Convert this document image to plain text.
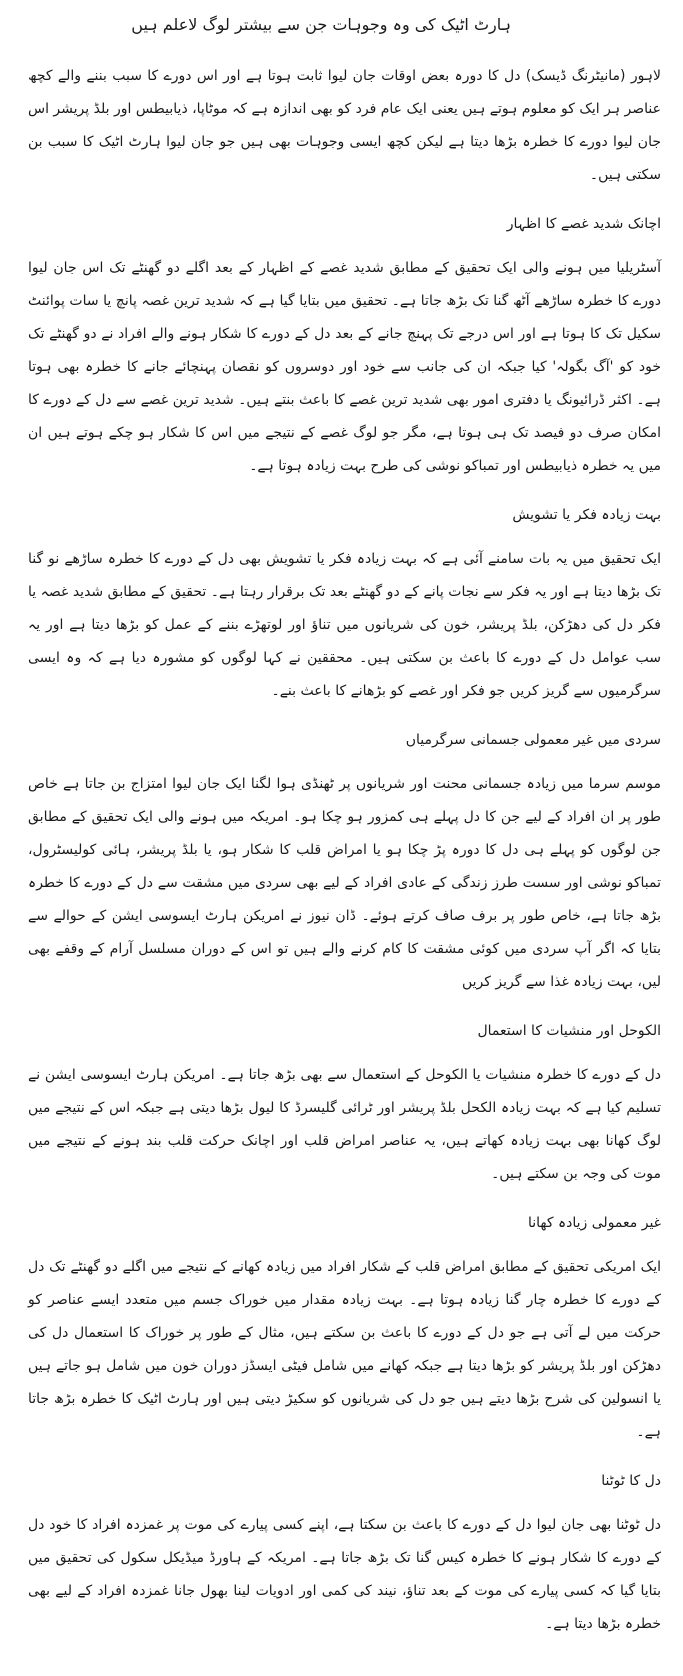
ہارٹ اٹیک کی وہ وجوہات جن سے بیشتر لوگ لاعلم ہیں

لاہور (مانیٹرنگ ڈیسک) دل کا دورہ بعض اوقات جان لیوا ثابت ہوتا ہے اور اس دورے کا سبب بننے والے کچھ عناصر ہر ایک کو معلوم ہوتے ہیں یعنی ایک عام فرد کو بھی اندازہ ہے کہ موٹاپا، ذیابیطس اور بلڈ پریشر اس جان لیوا دورے کا خطرہ بڑھا دیتا ہے لیکن کچھ ایسی وجوہات بھی ہیں جو جان لیوا ہارٹ اٹیک کا سبب بن سکتی ہیں۔

اچانک شدید غصے کا اظہار

آسٹریلیا میں ہونے والی ایک تحقیق کے مطابق شدید غصے کے اظہار کے بعد اگلے دو گھنٹے تک اس جان لیوا دورے کا خطرہ ساڑھے آٹھ گنا تک بڑھ جاتا ہے۔ تحقیق میں بتایا گیا ہے کہ شدید ترین غصہ پانچ یا سات پوائنٹ سکیل تک کا ہوتا ہے اور اس درجے تک پہنچ جانے کے بعد دل کے دورے کا شکار ہونے والے افراد نے دو گھنٹے تک خود کو 'آگ بگولہ' کیا جبکہ ان کی جانب سے خود اور دوسروں کو نقصان پہنچائے جانے کا خطرہ بھی ہوتا ہے۔ اکثر ڈرائیونگ یا دفتری امور بھی شدید ترین غصے کا باعث بنتے ہیں۔ شدید ترین غصے سے دل کے دورے کا امکان صرف دو فیصد تک ہی ہوتا ہے، مگر جو لوگ غصے کے نتیجے میں اس کا شکار ہو چکے ہوتے ہیں ان میں یہ خطرہ ذیابیطس اور تمباکو نوشی کی طرح بہت زیادہ ہوتا ہے۔

بہت زیادہ فکر یا تشویش

ایک تحقیق میں یہ بات سامنے آئی ہے کہ بہت زیادہ فکر یا تشویش بھی دل کے دورے کا خطرہ ساڑھے نو گنا تک بڑھا دیتا ہے اور یہ فکر سے نجات پانے کے دو گھنٹے بعد تک برقرار رہتا ہے۔ تحقیق کے مطابق شدید غصہ یا فکر دل کی دھڑکن، بلڈ پریشر، خون کی شریانوں میں تناؤ اور لوتھڑے بننے کے عمل کو بڑھا دیتا ہے اور یہ سب عوامل دل کے دورے کا باعث بن سکتی ہیں۔ محققین نے کہا لوگوں کو مشورہ دیا ہے کہ وہ ایسی سرگرمیوں سے گریز کریں جو فکر اور غصے کو بڑھانے کا باعث بنے۔

سردی میں غیر معمولی جسمانی سرگرمیاں

موسم سرما میں زیادہ جسمانی محنت اور شریانوں پر ٹھنڈی ہوا لگنا ایک جان لیوا امتزاج بن جاتا ہے خاص طور پر ان افراد کے لیے جن کا دل پہلے ہی کمزور ہو چکا ہو۔ امریکہ میں ہونے والی ایک تحقیق کے مطابق جن لوگوں کو پہلے ہی دل کا دورہ پڑ چکا ہو یا امراض قلب کا شکار ہو، یا بلڈ پریشر، ہائی کولیسٹرول، تمباکو نوشی اور سست طرز زندگی کے عادی افراد کے لیے بھی سردی میں مشقت سے دل کے دورے کا خطرہ بڑھ جاتا ہے، خاص طور پر برف صاف کرتے ہوئے۔ ڈان نیوز نے امریکن ہارٹ ایسوسی ایشن کے حوالے سے بتایا کہ اگر آپ سردی میں کوئی مشقت کا کام کرنے والے ہیں تو اس کے دوران مسلسل آرام کے وقفے بھی لیں، بہت زیادہ غذا سے گریز کریں

الکوحل اور منشیات کا استعمال

دل کے دورے کا خطرہ منشیات یا الکوحل کے استعمال سے بھی بڑھ جاتا ہے۔ امریکن ہارٹ ایسوسی ایشن نے تسلیم کیا ہے کہ بہت زیادہ الکحل بلڈ پریشر اور ٹرائی گلیسرڈ کا لیول بڑھا دیتی ہے جبکہ اس کے نتیجے میں لوگ کھانا بھی بہت زیادہ کھاتے ہیں، یہ عناصر امراض قلب اور اچانک حرکت قلب بند ہونے کے نتیجے میں موت کی وجہ بن سکتے ہیں۔

غیر معمولی زیادہ کھانا

ایک امریکی تحقیق کے مطابق امراض قلب کے شکار افراد میں زیادہ کھانے کے نتیجے میں اگلے دو گھنٹے تک دل کے دورے کا خطرہ چار گنا زیادہ ہوتا ہے۔ بہت زیادہ مقدار میں خوراک جسم میں متعدد ایسے عناصر کو حرکت میں لے آتی ہے جو دل کے دورے کا باعث بن سکتے ہیں، مثال کے طور پر خوراک کا استعمال دل کی دھڑکن اور بلڈ پریشر کو بڑھا دیتا ہے جبکہ کھانے میں شامل فیٹی ایسڈز دوران خون میں شامل ہو جاتے ہیں یا انسولین کی شرح بڑھا دیتے ہیں جو دل کی شریانوں کو سکیڑ دیتی ہیں اور ہارٹ اٹیک کا خطرہ بڑھ جاتا ہے۔

دل کا ٹوٹنا

دل ٹوٹنا بھی جان لیوا دل کے دورے کا باعث بن سکتا ہے، اپنے کسی پیارے کی موت پر غمزدہ افراد کا خود دل کے دورے کا شکار ہونے کا خطرہ کیس گنا تک بڑھ جاتا ہے۔ امریکہ کے ہاورڈ میڈیکل سکول کی تحقیق میں بتایا گیا کہ کسی پیارے کی موت کے بعد تناؤ، نیند کی کمی اور ادویات لینا بھول جانا غمزدہ افراد کے لیے بھی خطرہ بڑھا دیتا ہے۔
